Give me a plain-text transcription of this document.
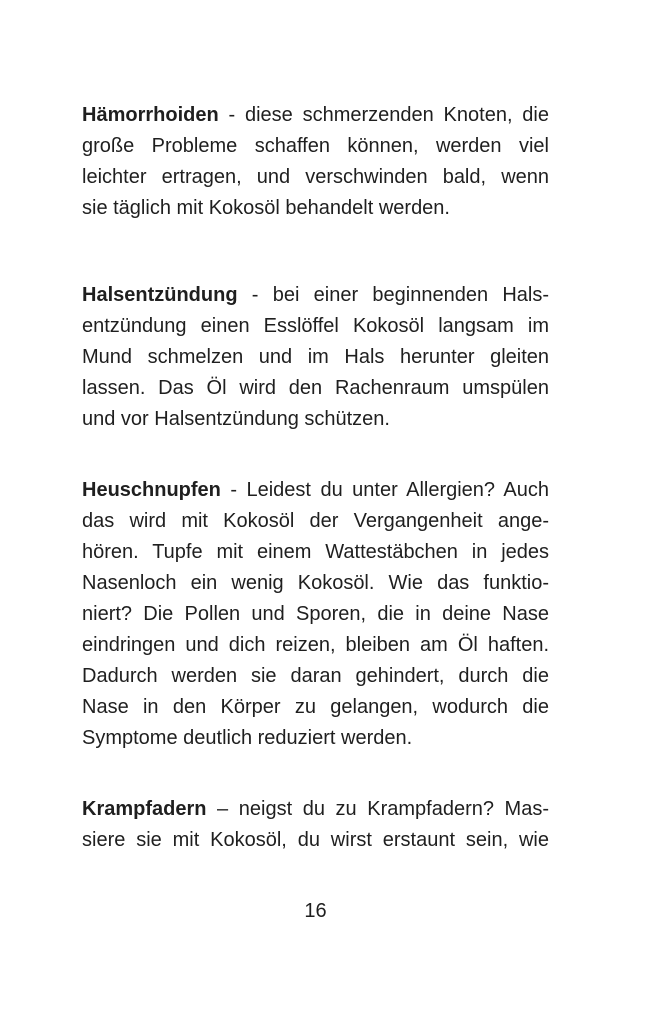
Hämorrhoiden - diese schmerzenden Knoten, die
große Probleme schaffen können, werden viel
leichter ertragen, und verschwinden bald, wenn
sie täglich mit Kokosöl behandelt werden.
Halsentzündung - bei einer beginnenden Hals-
entzündung einen Esslöffel Kokosöl langsam im
Mund schmelzen und im Hals herunter gleiten
lassen. Das Öl wird den Rachenraum umspülen
und vor Halsentzündung schützen.
Heuschnupfen - Leidest du unter Allergien? Auch
das wird mit Kokosöl der Vergangenheit ange-
hören. Tupfe mit einem Wattestäbchen in jedes
Nasenloch ein wenig Kokosöl. Wie das funktio-
niert? Die Pollen und Sporen, die in deine Nase
eindringen und dich reizen, bleiben am Öl haften.
Dadurch werden sie daran gehindert, durch die
Nase in den Körper zu gelangen, wodurch die
Symptome deutlich reduziert werden.
Krampfadern – neigst du zu Krampfadern? Mas-
siere sie mit Kokosöl, du wirst erstaunt sein, wie
16
